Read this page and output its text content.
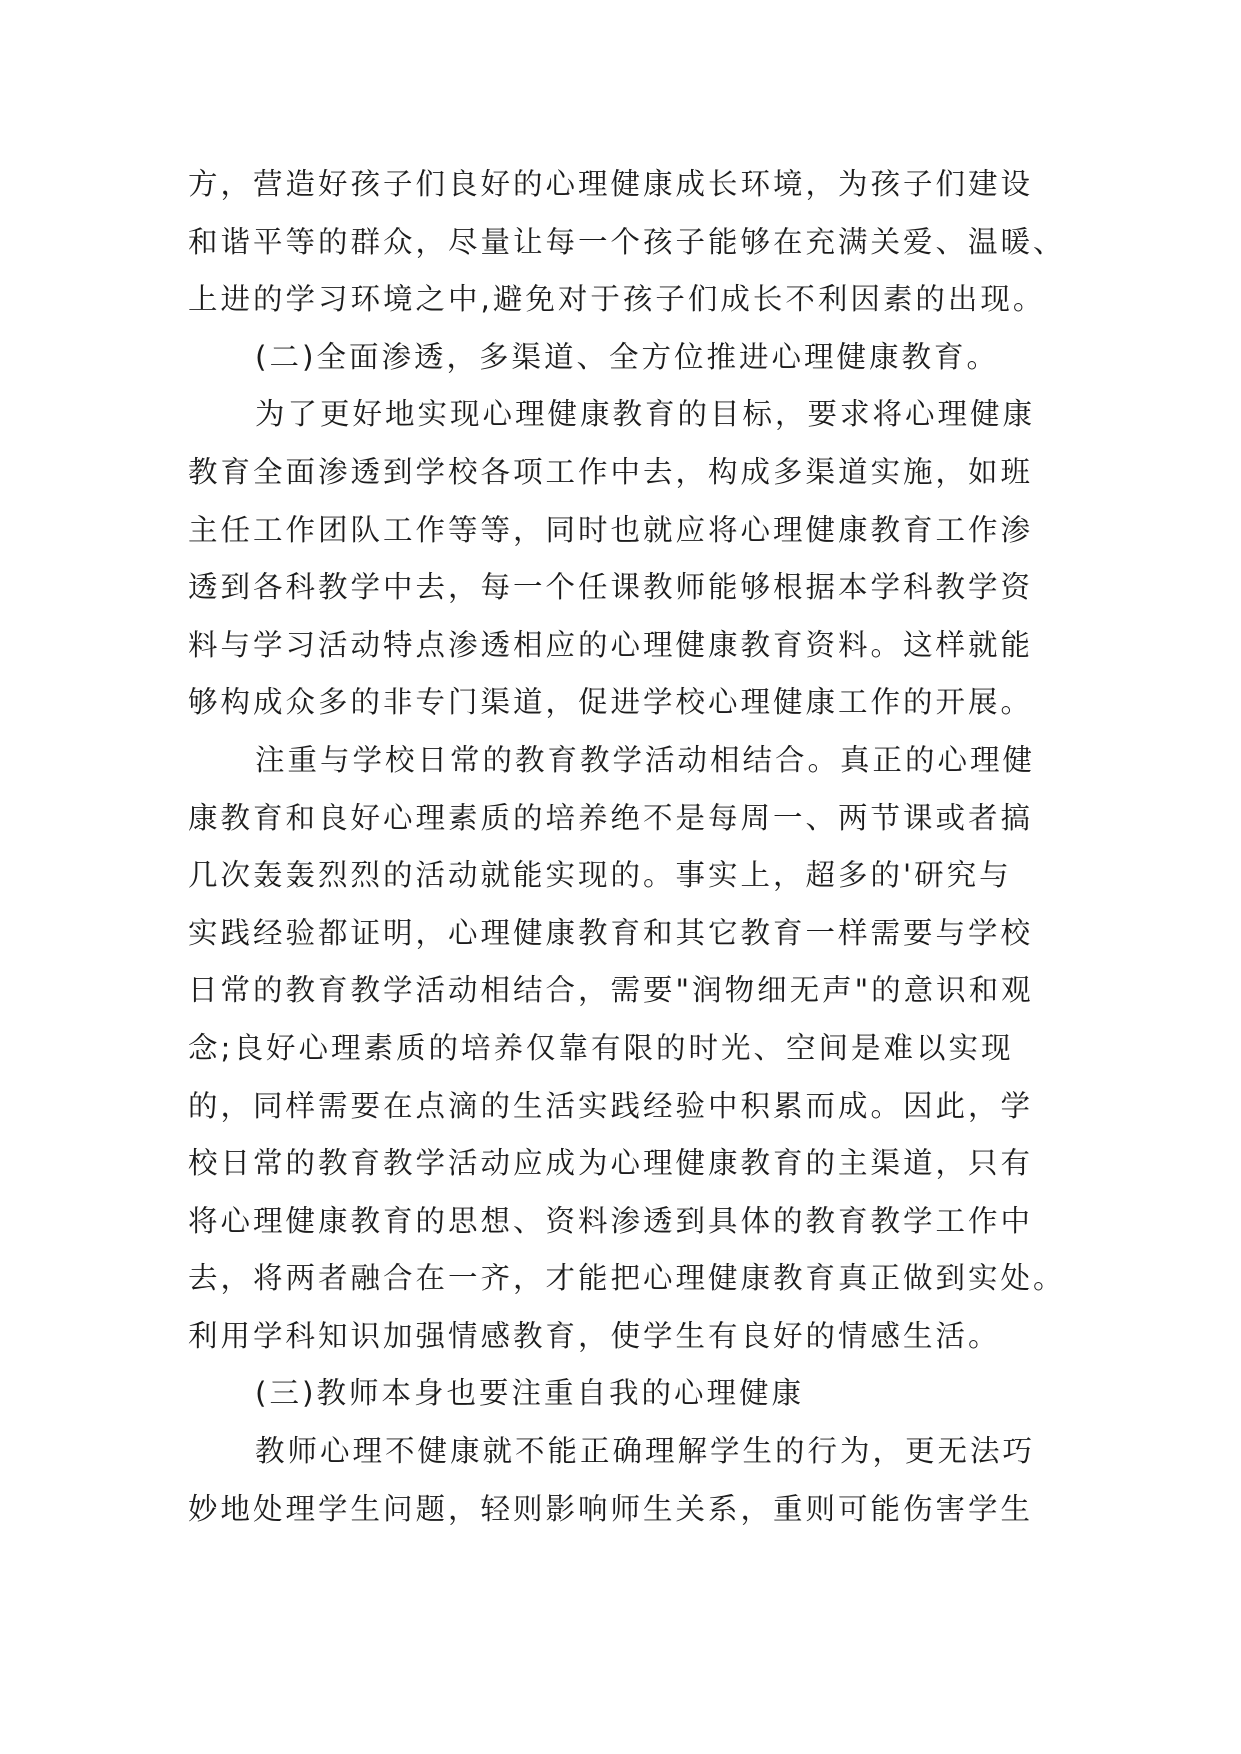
方，营造好孩子们良好的心理健康成长环境，为孩子们建设
和谐平等的群众，尽量让每一个孩子能够在充满关爱、温暖、
上进的学习环境之中,避免对于孩子们成长不利因素的出现。
(二)全面渗透，多渠道、全方位推进心理健康教育。
为了更好地实现心理健康教育的目标，要求将心理健康
教育全面渗透到学校各项工作中去，构成多渠道实施，如班
主任工作团队工作等等，同时也就应将心理健康教育工作渗
透到各科教学中去，每一个任课教师能够根据本学科教学资
料与学习活动特点渗透相应的心理健康教育资料。这样就能
够构成众多的非专门渠道，促进学校心理健康工作的开展。
注重与学校日常的教育教学活动相结合。真正的心理健
康教育和良好心理素质的培养绝不是每周一、两节课或者搞
几次轰轰烈烈的活动就能实现的。事实上，超多的'研究与
实践经验都证明，心理健康教育和其它教育一样需要与学校
日常的教育教学活动相结合，需要"润物细无声"的意识和观
念;良好心理素质的培养仅靠有限的时光、空间是难以实现
的，同样需要在点滴的生活实践经验中积累而成。因此，学
校日常的教育教学活动应成为心理健康教育的主渠道，只有
将心理健康教育的思想、资料渗透到具体的教育教学工作中
去，将两者融合在一齐，才能把心理健康教育真正做到实处。
利用学科知识加强情感教育，使学生有良好的情感生活。
(三)教师本身也要注重自我的心理健康
教师心理不健康就不能正确理解学生的行为，更无法巧
妙地处理学生问题，轻则影响师生关系，重则可能伤害学生
